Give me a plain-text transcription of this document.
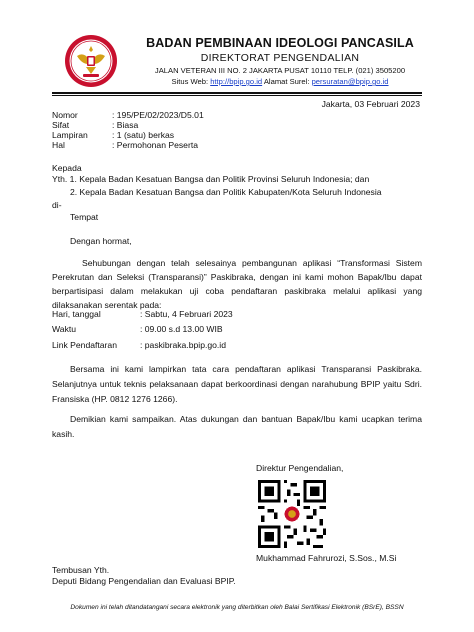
BADAN PEMBINAAN IDEOLOGI PANCASILA
DIREKTORAT PENGENDALIAN
JALAN VETERAN III NO. 2 JAKARTA PUSAT 10110 TELP. (021) 3505200
Situs Web: http://bpip.go.id Alamat Surel: persuratan@bpip.go.id
Jakarta, 03 Februari 2023
Nomor	: 195/PE/02/2023/D5.01
Sifat	: Biasa
Lampiran	: 1 (satu) berkas
Hal	: Permohonan Peserta
Kepada
Yth. 1. Kepala Badan Kesatuan Bangsa dan Politik Provinsi Seluruh Indonesia; dan
2. Kepala Badan Kesatuan Bangsa dan Politik Kabupaten/Kota Seluruh Indonesia
di-
Tempat
Dengan hormat,
Sehubungan dengan telah selesainya pembangunan aplikasi “Transformasi Sistem Perekrutan dan Seleksi (Transparansi)” Paskibraka, dengan ini kami mohon Bapak/Ibu dapat berpartisipasi dalam melakukan uji coba pendaftaran paskibraka melalui aplikasi yang dilaksanakan serentak pada:
Hari, tanggal	: Sabtu, 4 Februari 2023
Waktu	: 09.00 s.d 13.00 WIB
Link Pendaftaran	: paskibraka.bpip.go.id
Bersama ini kami lampirkan tata cara pendaftaran aplikasi Transparansi Paskibraka. Selanjutnya untuk teknis pelaksanaan dapat berkoordinasi dengan narahubung BPIP yaitu Sdri. Fransiska (HP. 0812 1276 1266).
Demikian kami sampaikan. Atas dukungan dan bantuan Bapak/Ibu kami ucapkan terima kasih.
Direktur Pengendalian,
Mukhammad Fahrurozi, S.Sos., M.Si
Tembusan Yth.
Deputi Bidang Pengendalian dan Evaluasi BPIP.
Dokumen ini telah ditandatangani secara elektronik yang diterbitkan oleh Balai Sertifikasi Elektronik (BSrE), BSSN
